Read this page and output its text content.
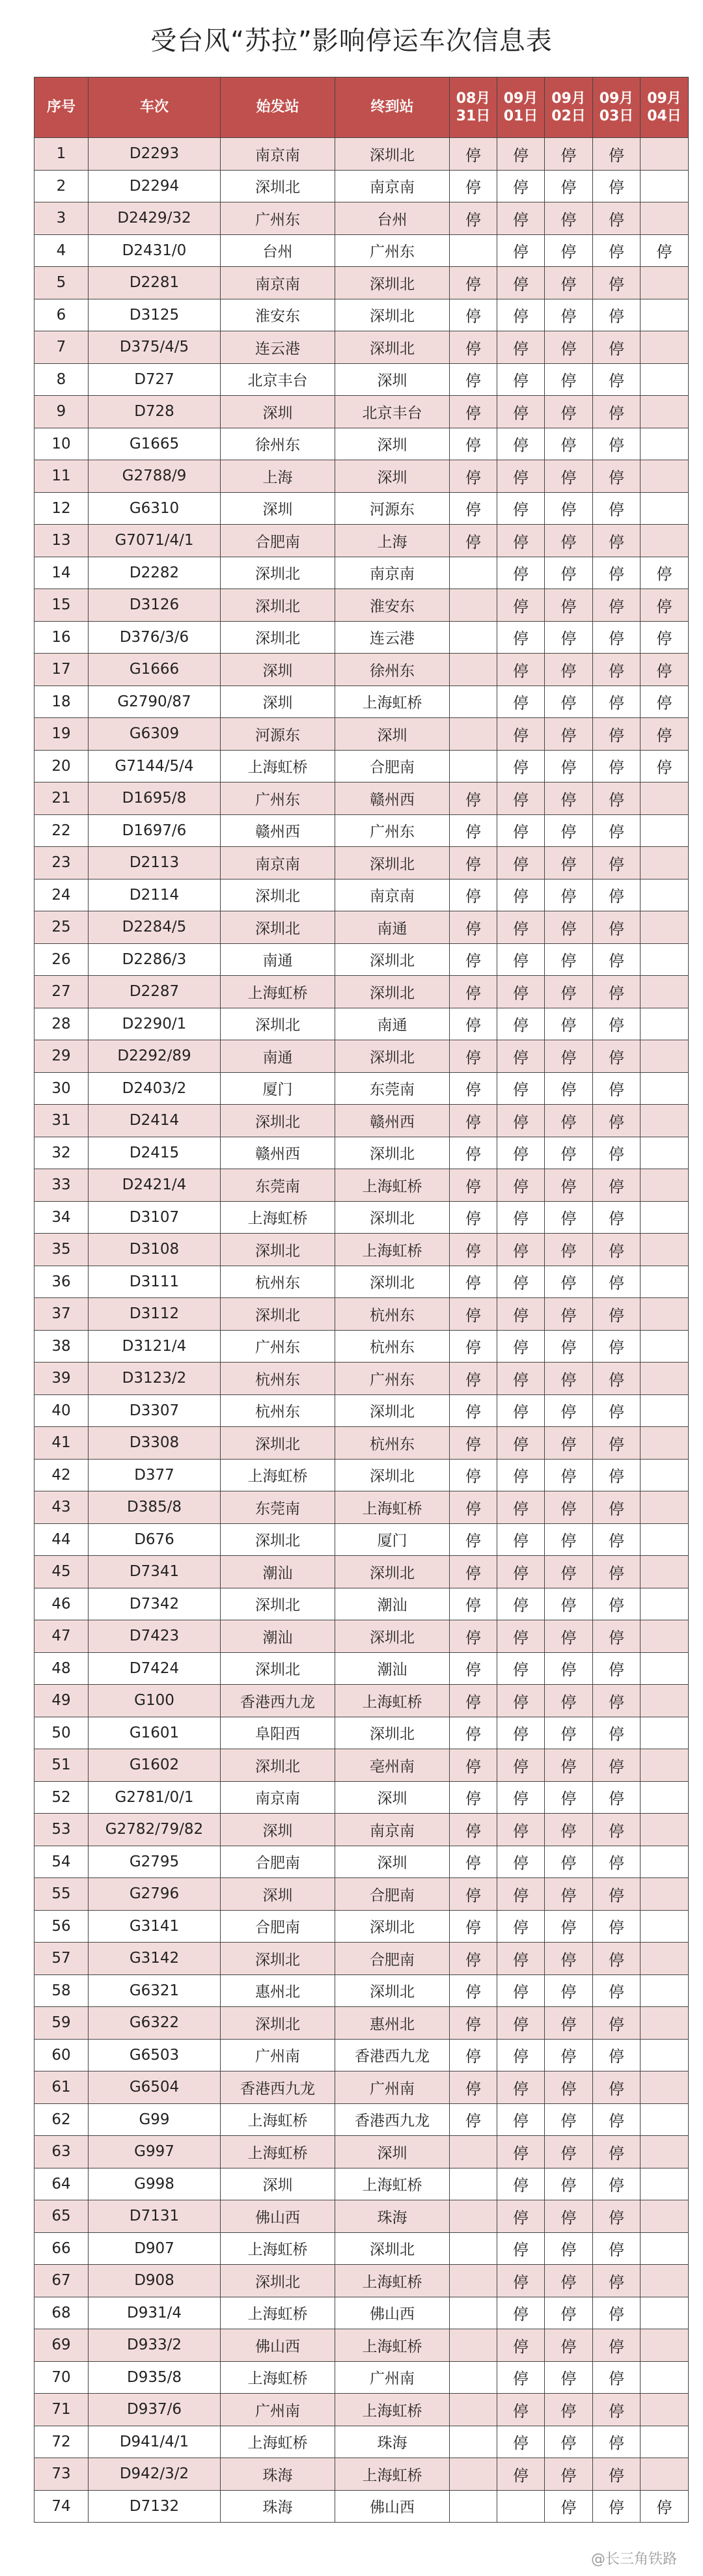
受台风“苏拉”影响停运车次信息表
序号	车次	始发站	终到站	08月31日	09月01日	09月02日	09月03日	09月04日
1	D2293	南京南	深圳北	停	停	停	停	
2	D2294	深圳北	南京南	停	停	停	停	
3	D2429/32	广州东	台州	停	停	停	停	
4	D2431/0	台州	广州东		停	停	停	停
5	D2281	南京南	深圳北	停	停	停	停	
6	D3125	淮安东	深圳北	停	停	停	停	
7	D375/4/5	连云港	深圳北	停	停	停	停	
8	D727	北京丰台	深圳	停	停	停	停	
9	D728	深圳	北京丰台	停	停	停	停	
10	G1665	徐州东	深圳	停	停	停	停	
11	G2788/9	上海	深圳	停	停	停	停	
12	G6310	深圳	河源东	停	停	停	停	
13	G7071/4/1	合肥南	上海	停	停	停	停	
14	D2282	深圳北	南京南		停	停	停	停
15	D3126	深圳北	淮安东		停	停	停	停
16	D376/3/6	深圳北	连云港		停	停	停	停
17	G1666	深圳	徐州东		停	停	停	停
18	G2790/87	深圳	上海虹桥		停	停	停	停
19	G6309	河源东	深圳		停	停	停	停
20	G7144/5/4	上海虹桥	合肥南		停	停	停	停
21	D1695/8	广州东	赣州西	停	停	停	停	
22	D1697/6	赣州西	广州东	停	停	停	停	
23	D2113	南京南	深圳北	停	停	停	停	
24	D2114	深圳北	南京南	停	停	停	停	
25	D2284/5	深圳北	南通	停	停	停	停	
26	D2286/3	南通	深圳北	停	停	停	停	
27	D2287	上海虹桥	深圳北	停	停	停	停	
28	D2290/1	深圳北	南通	停	停	停	停	
29	D2292/89	南通	深圳北	停	停	停	停	
30	D2403/2	厦门	东莞南	停	停	停	停	
31	D2414	深圳北	赣州西	停	停	停	停	
32	D2415	赣州西	深圳北	停	停	停	停	
33	D2421/4	东莞南	上海虹桥	停	停	停	停	
34	D3107	上海虹桥	深圳北	停	停	停	停	
35	D3108	深圳北	上海虹桥	停	停	停	停	
36	D3111	杭州东	深圳北	停	停	停	停	
37	D3112	深圳北	杭州东	停	停	停	停	
38	D3121/4	广州东	杭州东	停	停	停	停	
39	D3123/2	杭州东	广州东	停	停	停	停	
40	D3307	杭州东	深圳北	停	停	停	停	
41	D3308	深圳北	杭州东	停	停	停	停	
42	D377	上海虹桥	深圳北	停	停	停	停	
43	D385/8	东莞南	上海虹桥	停	停	停	停	
44	D676	深圳北	厦门	停	停	停	停	
45	D7341	潮汕	深圳北	停	停	停	停	
46	D7342	深圳北	潮汕	停	停	停	停	
47	D7423	潮汕	深圳北	停	停	停	停	
48	D7424	深圳北	潮汕	停	停	停	停	
49	G100	香港西九龙	上海虹桥	停	停	停	停	
50	G1601	阜阳西	深圳北	停	停	停	停	
51	G1602	深圳北	亳州南	停	停	停	停	
52	G2781/0/1	南京南	深圳	停	停	停	停	
53	G2782/79/82	深圳	南京南	停	停	停	停	
54	G2795	合肥南	深圳	停	停	停	停	
55	G2796	深圳	合肥南	停	停	停	停	
56	G3141	合肥南	深圳北	停	停	停	停	
57	G3142	深圳北	合肥南	停	停	停	停	
58	G6321	惠州北	深圳北	停	停	停	停	
59	G6322	深圳北	惠州北	停	停	停	停	
60	G6503	广州南	香港西九龙	停	停	停	停	
61	G6504	香港西九龙	广州南	停	停	停	停	
62	G99	上海虹桥	香港西九龙	停	停	停	停	
63	G997	上海虹桥	深圳		停	停	停	
64	G998	深圳	上海虹桥		停	停	停	
65	D7131	佛山西	珠海		停	停	停	
66	D907	上海虹桥	深圳北		停	停	停	
67	D908	深圳北	上海虹桥		停	停	停	
68	D931/4	上海虹桥	佛山西		停	停	停	
69	D933/2	佛山西	上海虹桥		停	停	停	
70	D935/8	上海虹桥	广州南		停	停	停	
71	D937/6	广州南	上海虹桥		停	停	停	
72	D941/4/1	上海虹桥	珠海		停	停	停	
73	D942/3/2	珠海	上海虹桥		停	停	停	
74	D7132	珠海	佛山西			停	停	停
@长三角铁路
